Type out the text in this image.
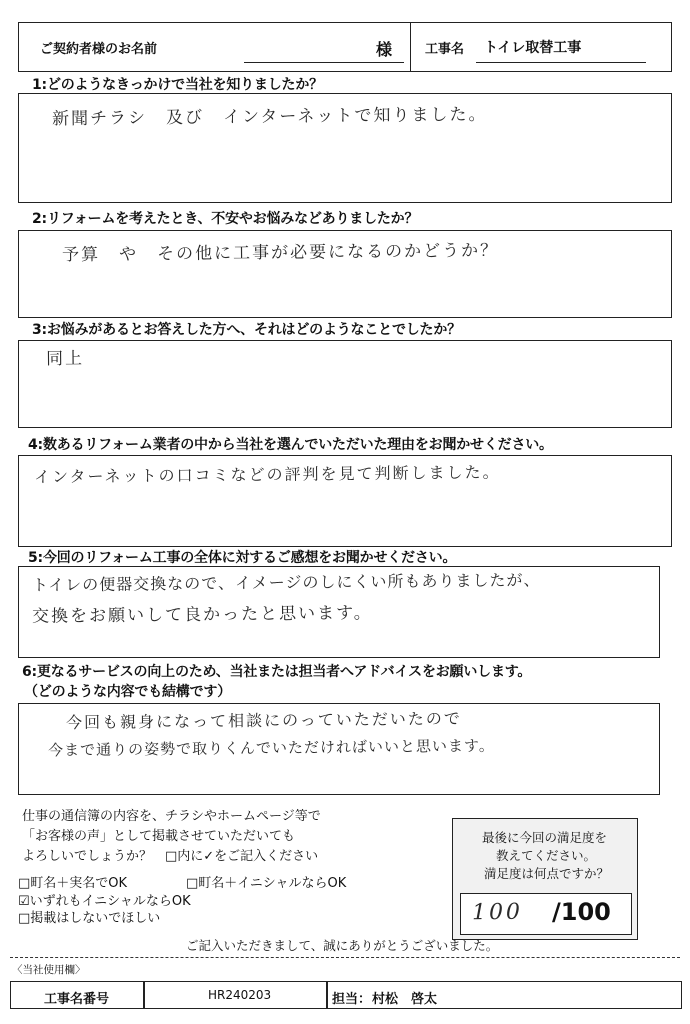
ご契約者様のお名前	様	工事名 トイレ取替工事
1:どのようなきっかけで当社を知りましたか？
新聞チラシ　及び　インターネットで知りました。
2:リフォームを考えたとき、不安やお悩みなどありましたか？
予算　や　その他に工事が必要になるのかどうか？
3:お悩みがあるとお答えした方へ、それはどのようなことでしたか？
同上
4:数あるリフォーム業者の中から当社を選んでいただいた理由をお聞かせください。
インターネットの口コミなどの評判を見て判断しました。
5:今回のリフォーム工事の全体に対するご感想をお聞かせください。
トイレの便器交換なので、イメージのしにくい所もありましたが、
交換をお願いして良かったと思います。
6:更なるサービスの向上のため、当社または担当者へアドバイスをお願いします。
（どのような内容でも結構です）
今回も親身になって相談にのっていただいたので
今まで通りの姿勢で取りくんでいただければいいと思います。
仕事の通信簿の内容を、チラシやホームページ等で
「お客様の声」として掲載させていただいても
よろしいでしょうか？　□内に✓をご記入ください
□町名＋実名でOK	□町名＋イニシャルならOK
☑いずれもイニシャルならOK
□掲載はしないでほしい
最後に今回の満足度を
教えてください。
満足度は何点ですか？
100 /100
ご記入いただきまして、誠にありがとうございました。
〈当社使用欄〉
工事名番号	HR240203	担当： 村松　啓太
